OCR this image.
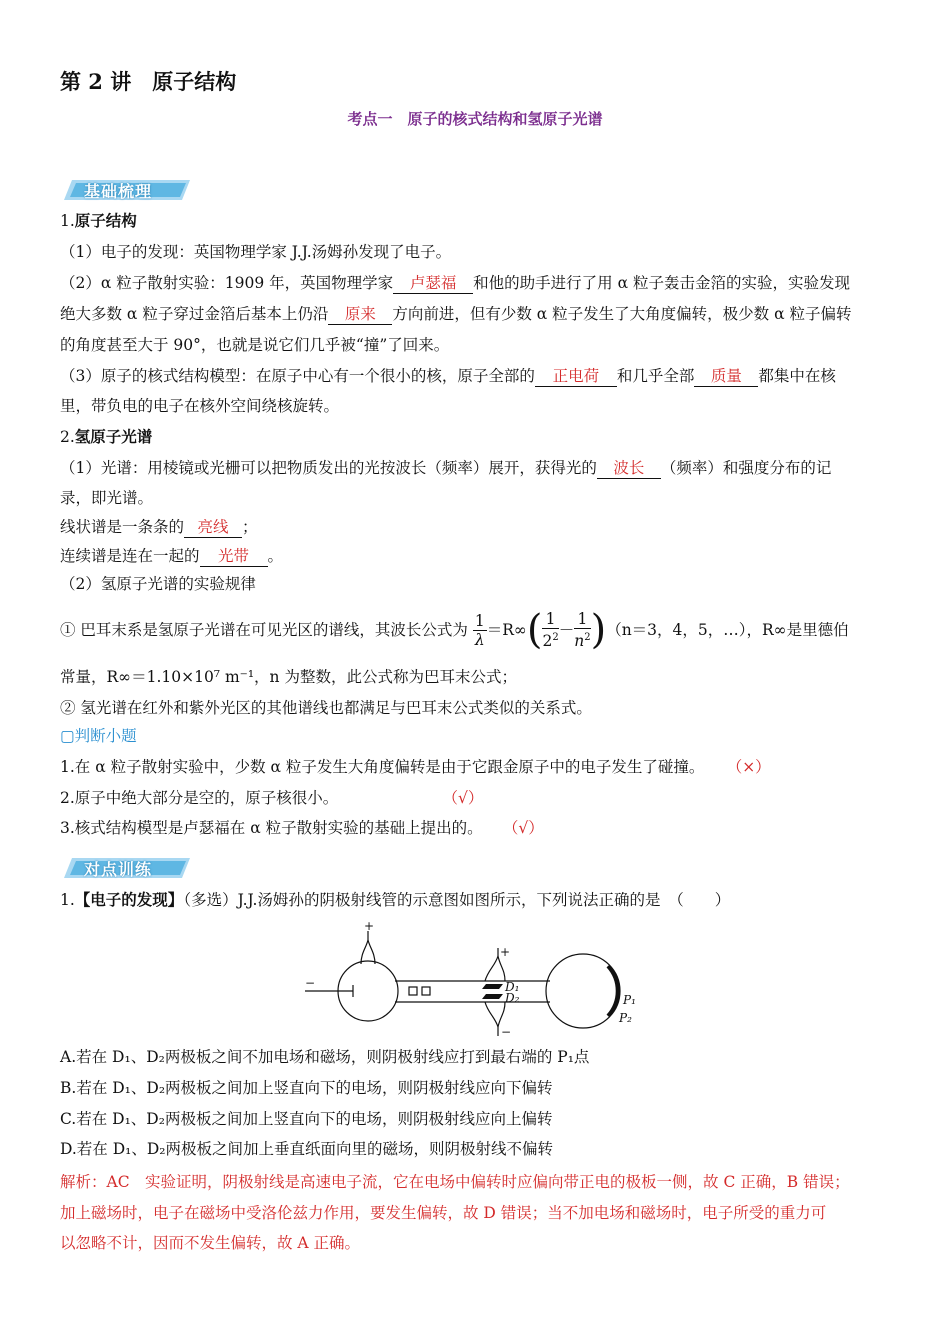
第 2 讲　原子结构
考点一　原子的核式结构和氢原子光谱
基础梳理
1.原子结构
（1）电子的发现：英国物理学家 J.J.汤姆孙发现了电子。
（2）α 粒子散射实验：1909 年，英国物理学家 卢瑟福 和他的助手进行了用 α 粒子轰击金箔的实验，实验发现
绝大多数 α 粒子穿过金箔后基本上仍沿 原来 方向前进，但有少数 α 粒子发生了大角度偏转，极少数 α 粒子偏转
的角度甚至大于 90°，也就是说它们几乎被“撞”了回来。
（3）原子的核式结构模型：在原子中心有一个很小的核，原子全部的 正电荷 和几乎全部 质量 都集中在核
里，带负电的电子在核外空间绕核旋转。
2.氢原子光谱
（1）光谱：用棱镜或光栅可以把物质发出的光按波长（频率）展开，获得光的 波长 （频率）和强度分布的记
录，即光谱。
线状谱是一条条的 亮线 ；
连续谱是连在一起的 光带 。
（2）氢原子光谱的实验规律
① 巴耳末系是氢原子光谱在可见光区的谱线，其波长公式为 $\frac{1}{\lambda} =R\infty( \frac{1}{2^2} - \frac{1}{n^2} )(n=3$，4，5，…），R∞是里德伯
常量，R∞＝1.10×10⁷ m⁻¹，n 为整数，此公式称为巴耳末公式；
② 氢光谱在红外和紫外光区的其他谱线也都满足与巴耳末公式类似的关系式。
▢判断小题
1.在 α 粒子散射实验中，少数 α 粒子发生大角度偏转是由于它跟金原子中的电子发生了碰撞。 （×）
2.原子中绝大部分是空的，原子核很小。	（√）
3.核式结构模型是卢瑟福在 α 粒子散射实验的基础上提出的。 （√）
对点训练
1.【电子的发现】（多选）J.J.汤姆孙的阴极射线管的示意图如图所示，下列说法正确的是　（　　）
+
−
+
−
D₁
D₂	P₁
P₂
A.若在 D₁、D₂两极板之间不加电场和磁场，则阴极射线应打到最右端的 P₁点
B.若在 D₁、D₂两极板之间加上竖直向下的电场，则阴极射线应向下偏转
C.若在 D₁、D₂两极板之间加上竖直向下的电场，则阴极射线应向上偏转
D.若在 D₁、D₂两极板之间加上垂直纸面向里的磁场，则阴极射线不偏转
解析：AC　实验证明，阴极射线是高速电子流，它在电场中偏转时应偏向带正电的极板一侧，故 C 正确，B 错误；
加上磁场时，电子在磁场中受洛伦兹力作用，要发生偏转，故 D 错误；当不加电场和磁场时，电子所受的重力可
以忽略不计，因而不发生偏转，故 A 正确。
